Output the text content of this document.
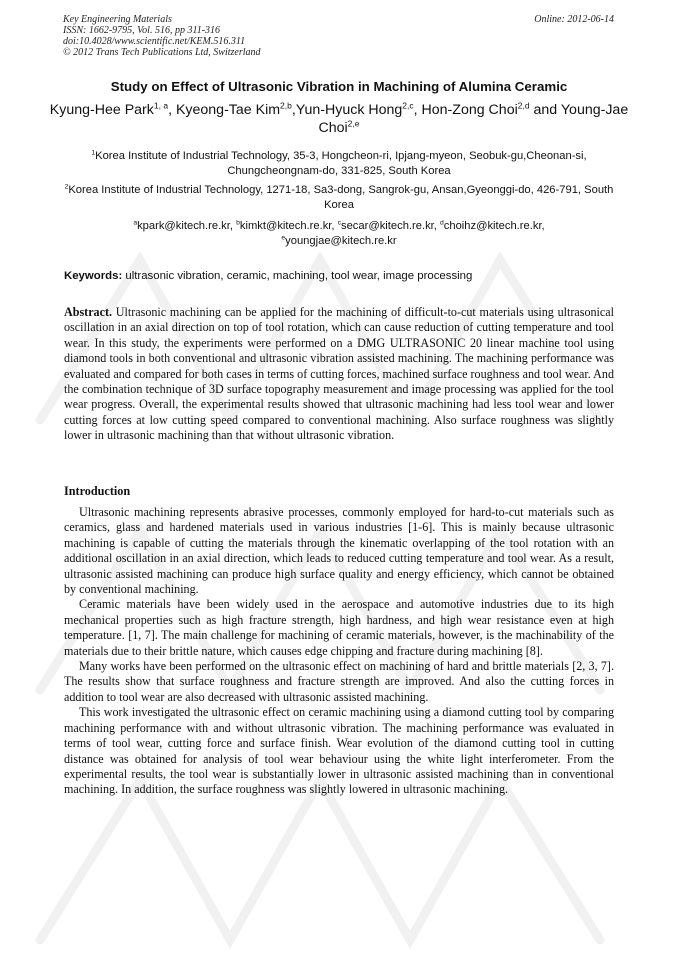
Key Engineering Materials
ISSN: 1662-9795, Vol. 516, pp 311-316
doi:10.4028/www.scientific.net/KEM.516.311
© 2012 Trans Tech Publications Ltd, Switzerland
Online: 2012-06-14
Study on Effect of Ultrasonic Vibration in Machining of Alumina Ceramic
Kyung-Hee Park$^{1, a}$, Kyeong-Tae Kim$^{2,b}$,Yun-Hyuck Hong$^{2,c}$, Hon-Zong Choi$^{2,d}$ and Young-Jae Choi$^{2,e}$
$^1$Korea Institute of Industrial Technology, 35-3, Hongcheon-ri, Ipjang-myeon, Seobuk-gu,Cheonan-si, Chungcheongnam-do, 331-825, South Korea
$^2$Korea Institute of Industrial Technology, 1271-18, Sa3-dong, Sangrok-gu, Ansan,Gyeonggi-do, 426-791, South Korea
$^a$kpark@kitech.re.kr, $^b$kimkt@kitech.re.kr, $^c$secar@kitech.re.kr, $^d$choihz@kitech.re.kr,
$^e$youngjae@kitech.re.kr
Keywords: ultrasonic vibration, ceramic, machining, tool wear, image processing
Abstract. Ultrasonic machining can be applied for the machining of difficult-to-cut materials using ultrasonical oscillation in an axial direction on top of tool rotation, which can cause reduction of cutting temperature and tool wear. In this study, the experiments were performed on a DMG ULTRASONIC 20 linear machine tool using diamond tools in both conventional and ultrasonic vibration assisted machining. The machining performance was evaluated and compared for both cases in terms of cutting forces, machined surface roughness and tool wear. And the combination technique of 3D surface topography measurement and image processing was applied for the tool wear progress. Overall, the experimental results showed that ultrasonic machining had less tool wear and lower cutting forces at low cutting speed compared to conventional machining. Also surface roughness was slightly lower in ultrasonic machining than that without ultrasonic vibration.
Introduction

Ultrasonic machining represents abrasive processes, commonly employed for hard-to-cut materials such as ceramics, glass and hardened materials used in various industries [1-6]. This is mainly because ultrasonic machining is capable of cutting the materials through the kinematic overlapping of the tool rotation with an additional oscillation in an axial direction, which leads to reduced cutting temperature and tool wear. As a result, ultrasonic assisted machining can produce high surface quality and energy efficiency, which cannot be obtained by conventional machining.

Ceramic materials have been widely used in the aerospace and automotive industries due to its high mechanical properties such as high fracture strength, high hardness, and high wear resistance even at high temperature. [1, 7]. The main challenge for machining of ceramic materials, however, is the machinability of the materials due to their brittle nature, which causes edge chipping and fracture during machining [8].

Many works have been performed on the ultrasonic effect on machining of hard and brittle materials [2, 3, 7]. The results show that surface roughness and fracture strength are improved. And also the cutting forces in addition to tool wear are also decreased with ultrasonic assisted machining.

This work investigated the ultrasonic effect on ceramic machining using a diamond cutting tool by comparing machining performance with and without ultrasonic vibration. The machining performance was evaluated in terms of tool wear, cutting force and surface finish. Wear evolution of the diamond cutting tool in cutting distance was obtained for analysis of tool wear behaviour using the white light interferometer. From the experimental results, the tool wear is substantially lower in ultrasonic assisted machining than in conventional machining. In addition, the surface roughness was slightly lowered in ultrasonic machining.
